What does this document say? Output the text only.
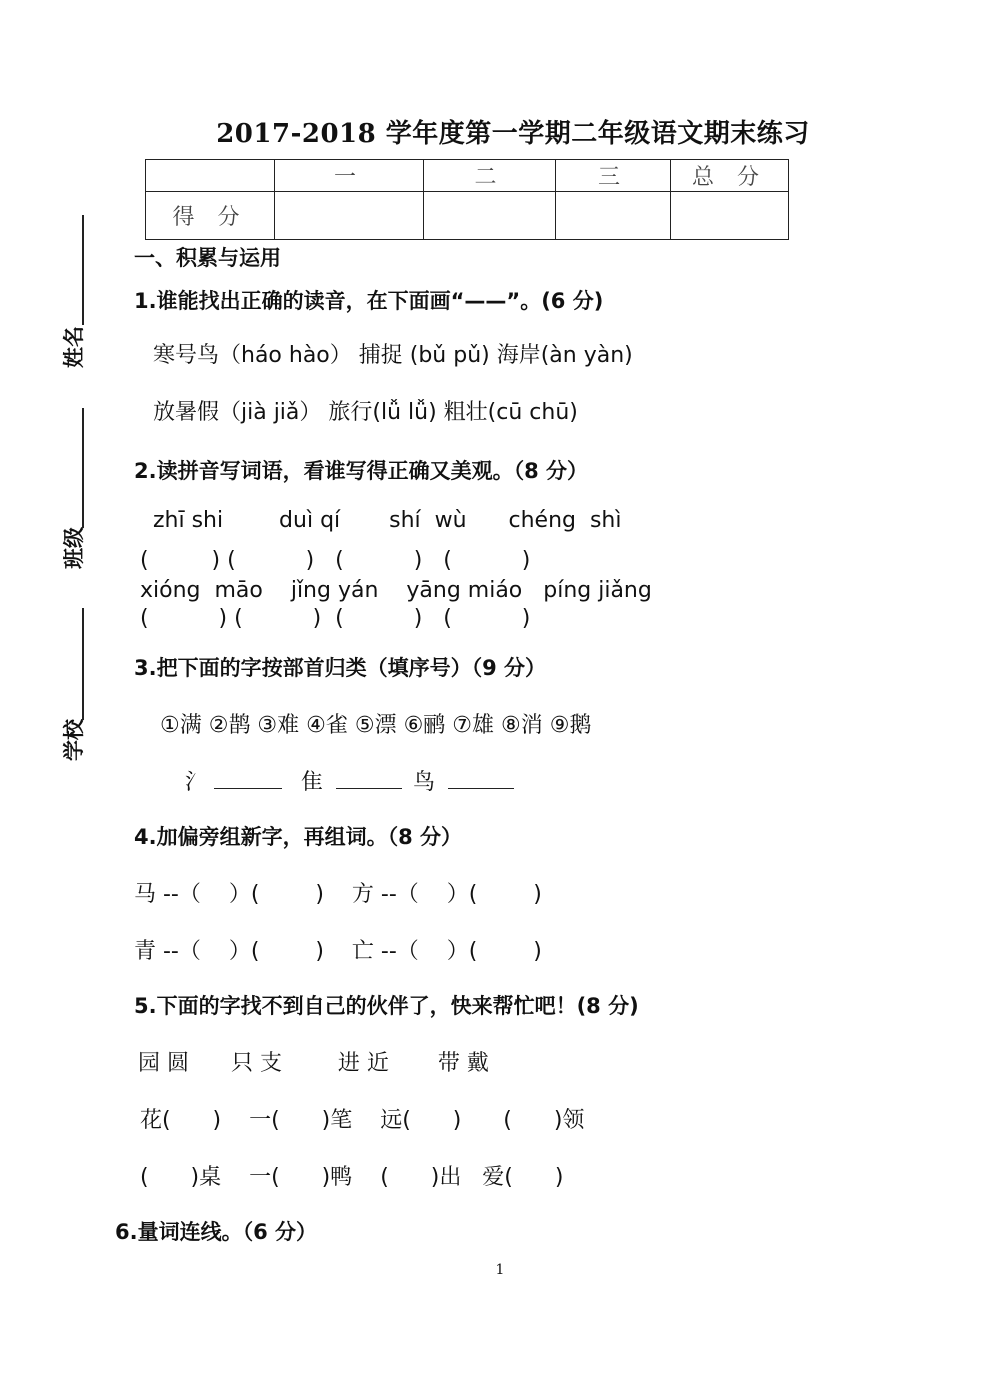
2017-2018 学年度第一学期二年级语文期末练习
	一	二	三	总 分
得 分				
姓名
班级
学校
一、积累与运用
1.谁能找出正确的读音，在下面画“——”。(6 分)
寒号鸟（háo hào） 捕捉 (bǔ pǔ) 海岸(àn yàn)
放暑假（jià jiǎ） 旅行(lǚ lǚ) 粗壮(cū chū)
2.读拼音写词语，看谁写得正确又美观。（8 分）
zhī shi        duì qí       shí  wù      chéng  shì
(         ) (          )   (          )   (          )
xióng  māo    jǐng yán    yāng miáo   píng jiǎng
(          ) (          )  (          )   (          )
3.把下面的字按部首归类（填序号）（9 分）
①满 ②鹊 ③难 ④雀 ⑤漂 ⑥鹂 ⑦雄 ⑧消 ⑨鹅
氵	隹	鸟
4.加偏旁组新字，再组词。（8 分）
马 --（    ）(        )    方 --（    ）(        )
青 --（    ）(        )    亡 --（    ）(        )
5.下面的字找不到自己的伙伴了，快来帮忙吧！(8 分)
园 圆      只 支        进 近       带 戴
花(      )    一(      )笔    远(      )      (      )领
(      )桌    一(      )鸭    (      )出   爱(      )
6.量词连线。（6 分）
1
